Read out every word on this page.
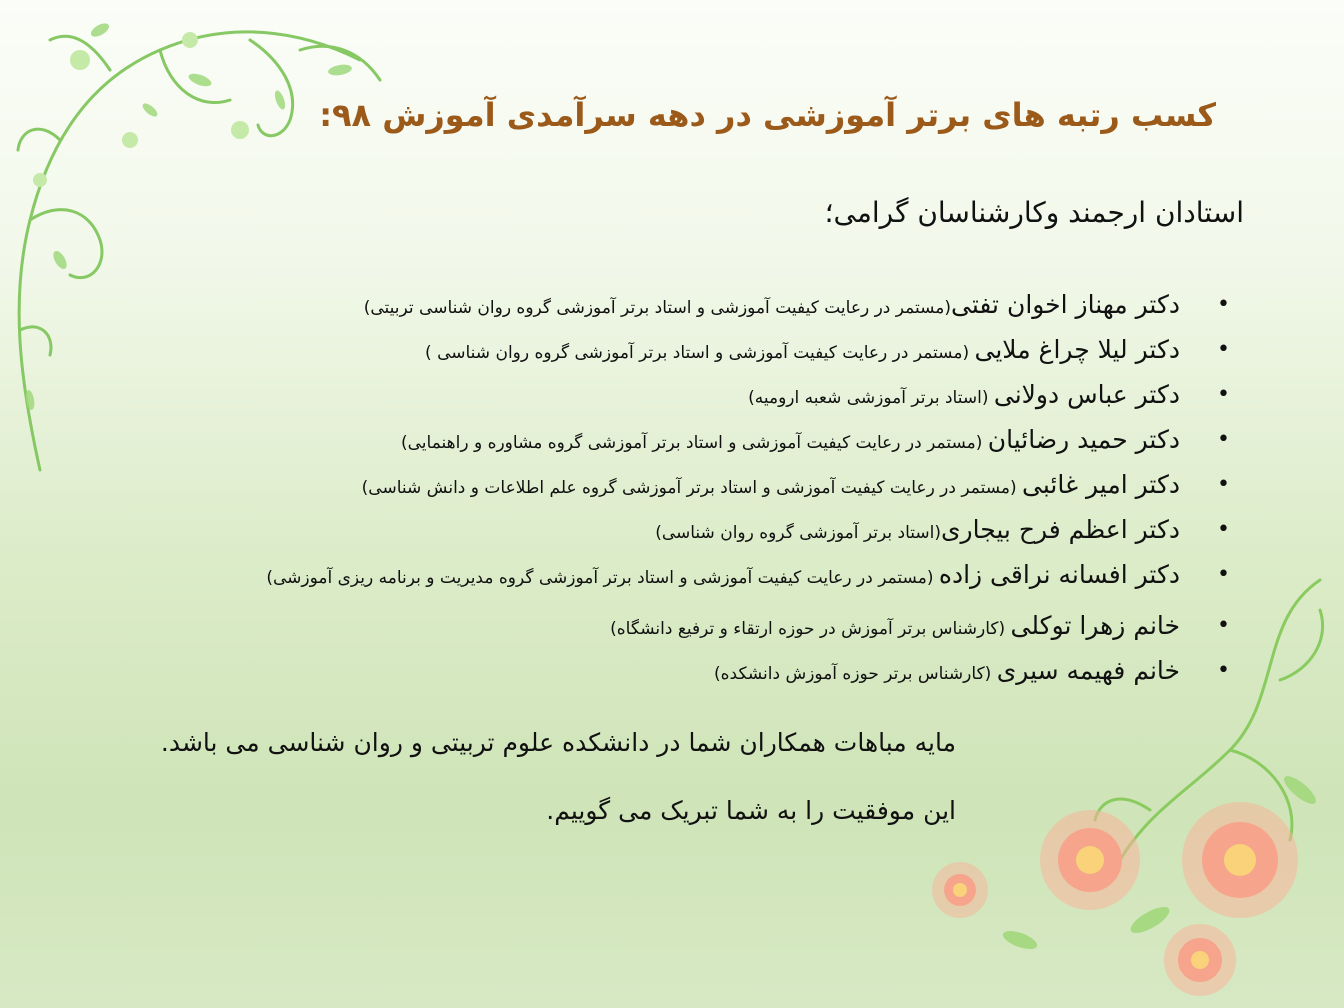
کسب رتبه های برتر آموزشی در دهه سرآمدی آموزش ۹۸:
استادان ارجمند وکارشناسان گرامی؛
•
دکتر مهناز اخوان تفتی(مستمر در رعایت کیفیت آموزشی و استاد برتر آموزشی گروه روان شناسی تربیتی)
•
دکتر لیلا چراغ ملایی (مستمر در رعایت کیفیت آموزشی و استاد برتر آموزشی گروه روان شناسی )
•
دکتر عباس دولانی (استاد برتر آموزشی شعبه ارومیه)
•
دکتر حمید رضائیان (مستمر در رعایت کیفیت آموزشی و استاد برتر آموزشی گروه مشاوره و راهنمایی)
•
دکتر امیر غائبی (مستمر در رعایت کیفیت آموزشی و استاد برتر آموزشی گروه علم اطلاعات و دانش شناسی)
•
دکتر اعظم فرح بیجاری(استاد برتر آموزشی گروه روان شناسی)
•
دکتر افسانه نراقی زاده (مستمر در رعایت کیفیت آموزشی و استاد برتر آموزشی گروه مدیریت و برنامه ریزی آموزشی)
•
خانم زهرا توکلی (کارشناس برتر آموزش در حوزه ارتقاء و ترفیع دانشگاه)
•
خانم فهیمه سیری (کارشناس برتر حوزه آموزش دانشکده)
مایه مباهات همکاران شما در دانشکده علوم تربیتی و روان شناسی می باشد.
این موفقیت را به شما تبریک می گوییم.
